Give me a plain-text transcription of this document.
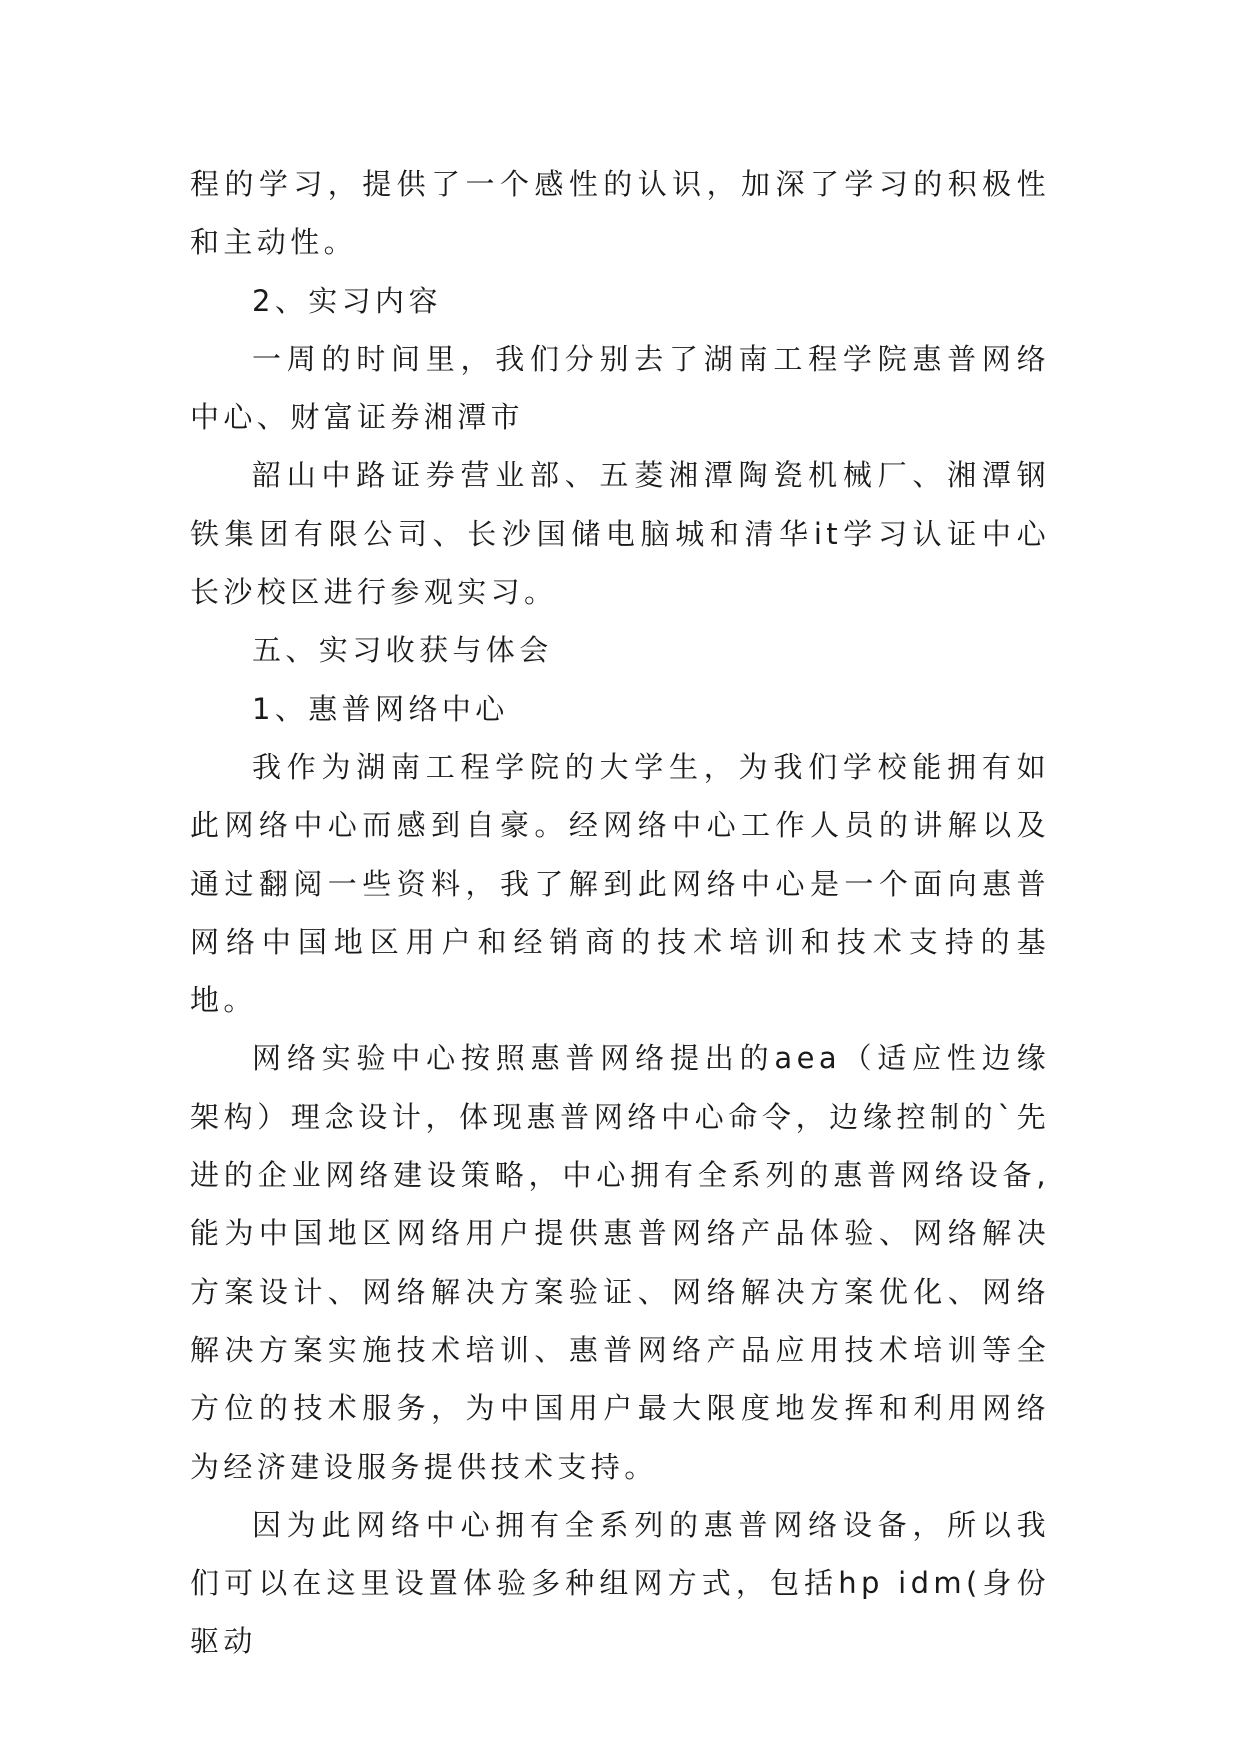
程的学习，提供了一个感性的认识，加深了学习的积极性和主动性。

2、实习内容

一周的时间里，我们分别去了湖南工程学院惠普网络中心、财富证券湘潭市

韶山中路证券营业部、五菱湘潭陶瓷机械厂、湘潭钢铁集团有限公司、长沙国储电脑城和清华it学习认证中心长沙校区进行参观实习。

五、实习收获与体会

1、惠普网络中心

我作为湖南工程学院的大学生，为我们学校能拥有如此网络中心而感到自豪。经网络中心工作人员的讲解以及通过翻阅一些资料，我了解到此网络中心是一个面向惠普网络中国地区用户和经销商的技术培训和技术支持的基地。

网络实验中心按照惠普网络提出的aea（适应性边缘架构）理念设计，体现惠普网络中心命令，边缘控制的`先进的企业网络建设策略，中心拥有全系列的惠普网络设备,能为中国地区网络用户提供惠普网络产品体验、网络解决方案设计、网络解决方案验证、网络解决方案优化、网络解决方案实施技术培训、惠普网络产品应用技术培训等全方位的技术服务，为中国用户最大限度地发挥和利用网络为经济建设服务提供技术支持。

因为此网络中心拥有全系列的惠普网络设备，所以我们可以在这里设置体验多种组网方式，包括hp idm(身份驱动
